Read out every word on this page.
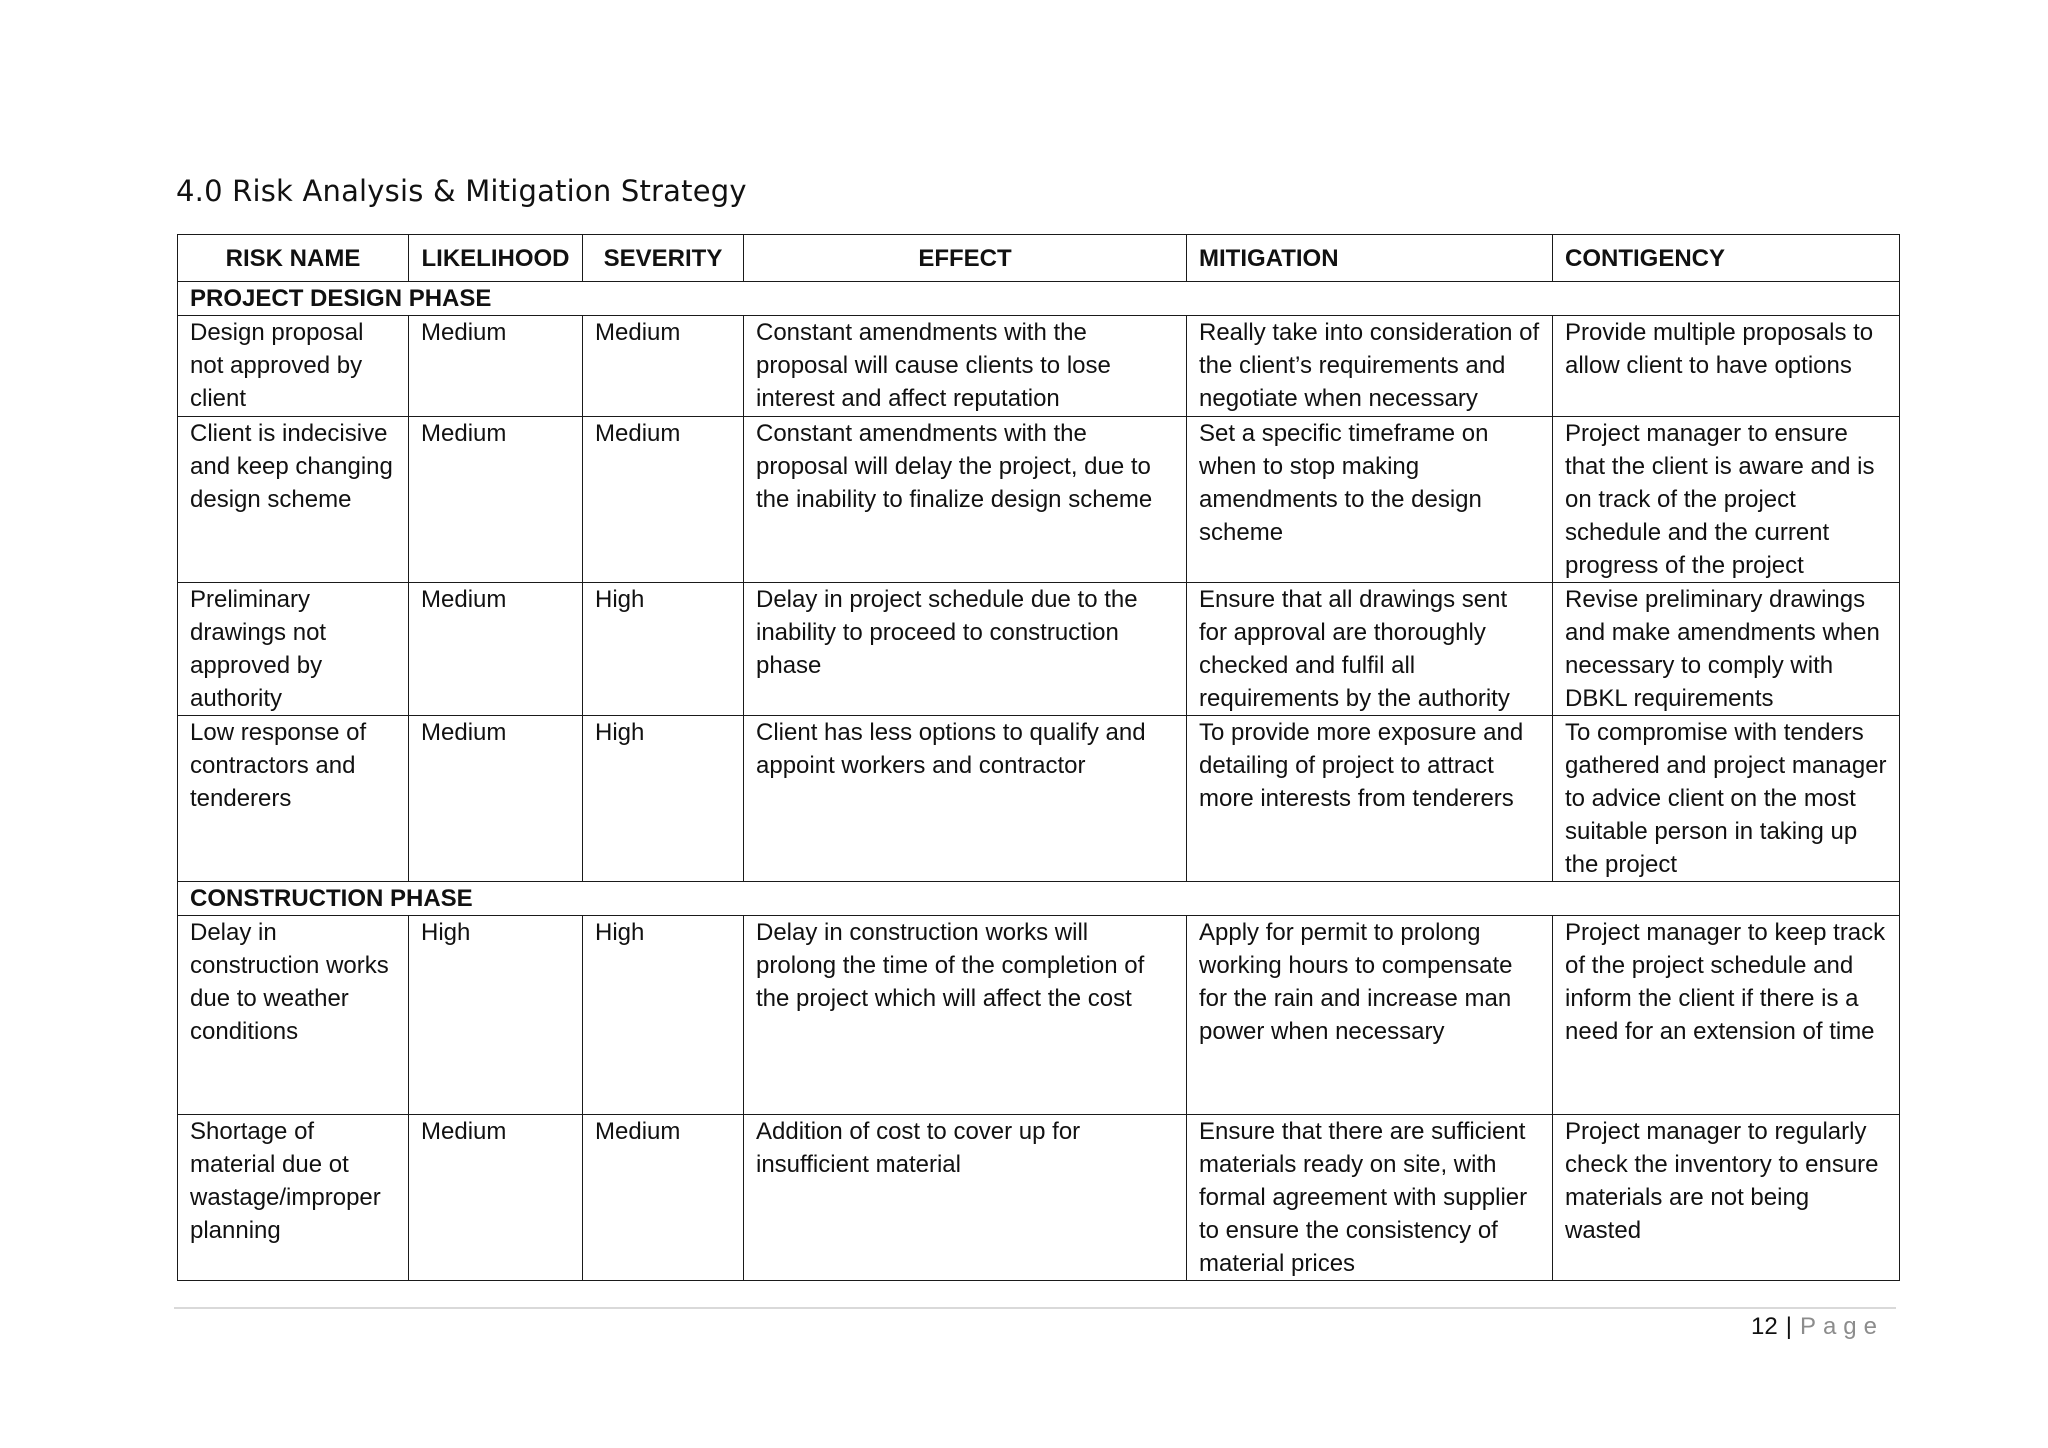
4.0 Risk Analysis & Mitigation Strategy
RISK NAME	LIKELIHOOD	SEVERITY	EFFECT	MITIGATION	CONTIGENCY
PROJECT DESIGN PHASE					
Design proposal not approved by client	Medium	Medium	Constant amendments with the proposal will cause clients to lose interest and affect reputation	Really take into consideration of the client’s requirements and negotiate when necessary	Provide multiple proposals to allow client to have options
Client is indecisive and keep changing design scheme	Medium	Medium	Constant amendments with the proposal will delay the project, due to the inability to finalize design scheme	Set a specific timeframe on when to stop making amendments to the design scheme	Project manager to ensure that the client is aware and is on track of the project schedule and the current progress of the project
Preliminary drawings not approved by authority	Medium	High	Delay in project schedule due to the inability to proceed to construction phase	Ensure that all drawings sent for approval are thoroughly checked and fulfil all requirements by the authority	Revise preliminary drawings and make amendments when necessary to comply with DBKL requirements
Low response of contractors and tenderers	Medium	High	Client has less options to qualify and appoint workers and contractor	To provide more exposure and detailing of project to attract more interests from tenderers	To compromise with tenders gathered and project manager to advice client on the most suitable person in taking up the project
CONSTRUCTION PHASE					
Delay in construction works due to weather conditions	High	High	Delay in construction works will prolong the time of the completion of the project which will affect the cost	Apply for permit to prolong working hours to compensate for the rain and increase man power when necessary	Project manager to keep track of the project schedule and inform the client if there is a need for an extension of time
Shortage of material due ot wastage/improper planning	Medium	Medium	Addition of cost to cover up for insufficient material	Ensure that there are sufficient materials ready on site, with formal agreement with supplier to ensure the consistency of material prices	Project manager to regularly check the inventory to ensure materials are not being wasted
12 | Page
